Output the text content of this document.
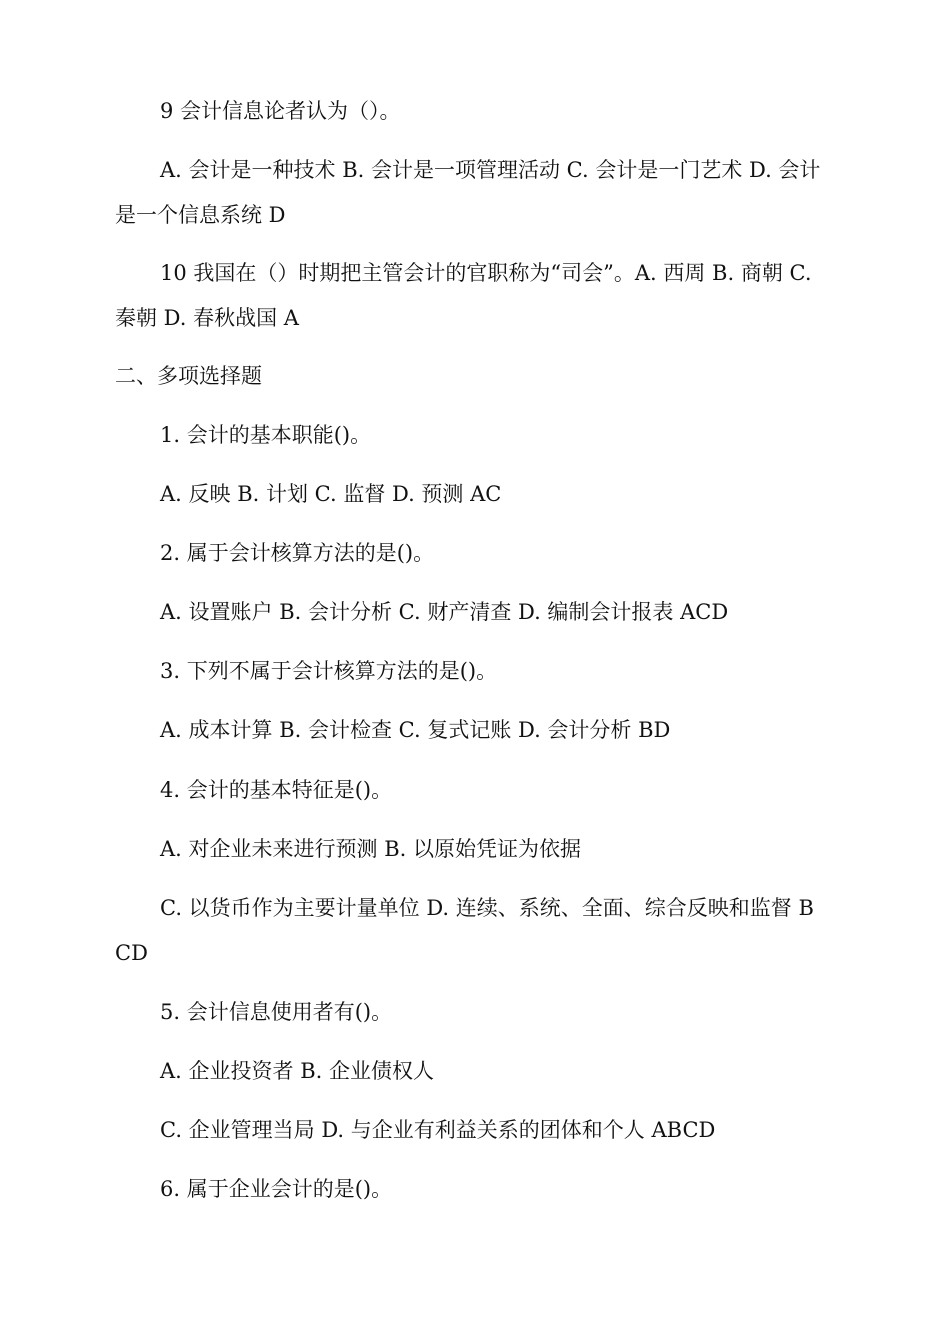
9 会计信息论者认为（）。

A. 会计是一种技术 B. 会计是一项管理活动 C. 会计是一门艺术 D. 会计是一个信息系统 D

10 我国在（）时期把主管会计的官职称为“司会”。A. 西周 B. 商朝 C. 秦朝 D. 春秋战国 A

二、多项选择题

1. 会计的基本职能()。

A. 反映 B. 计划 C. 监督 D. 预测 AC

2. 属于会计核算方法的是()。

A. 设置账户 B. 会计分析 C. 财产清查 D. 编制会计报表 ACD

3. 下列不属于会计核算方法的是()。

A. 成本计算 B. 会计检查 C. 复式记账 D. 会计分析 BD

4. 会计的基本特征是()。

A. 对企业未来进行预测 B. 以原始凭证为依据

C. 以货币作为主要计量单位 D. 连续、系统、全面、综合反映和监督 BCD

5. 会计信息使用者有()。

A. 企业投资者 B. 企业债权人

C. 企业管理当局 D. 与企业有利益关系的团体和个人 ABCD

6. 属于企业会计的是()。
